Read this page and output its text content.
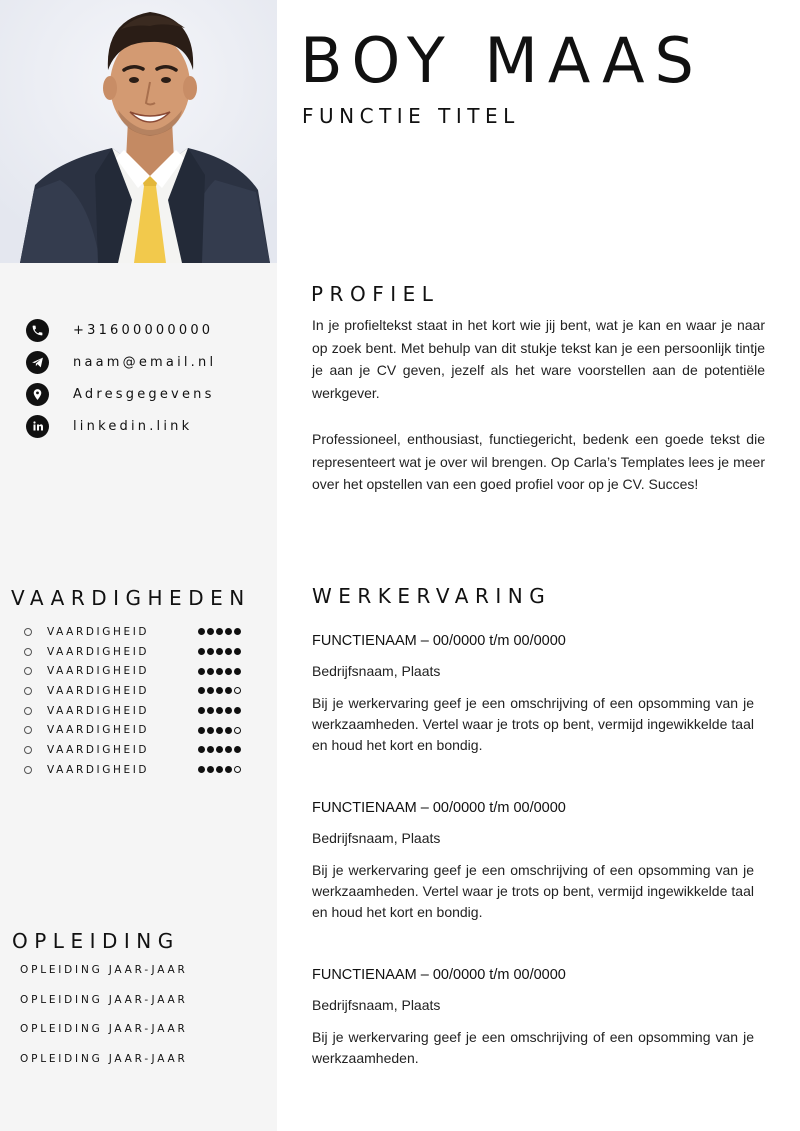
BOY MAAS
FUNCTIE TITEL
+31600000000
naam@email.nl
Adresgegevens
linkedin.link
PROFIEL
In je profieltekst staat in het kort wie jij bent, wat je kan en waar je naar op zoek bent. Met behulp van dit stukje tekst kan je een persoonlijk tintje je aan je CV geven, jezelf als het ware voorstellen aan de potentiële werkgever.
Professioneel, enthousiast, functiegericht, bedenk een goede tekst die representeert wat je over wil brengen. Op Carla’s Templates lees je meer over het opstellen van een goed profiel voor op je CV. Succes!
VAARDIGHEDEN
VAARDIGHEID
VAARDIGHEID
VAARDIGHEID
VAARDIGHEID
VAARDIGHEID
VAARDIGHEID
VAARDIGHEID
VAARDIGHEID
OPLEIDING
OPLEIDING JAAR-JAAR
OPLEIDING JAAR-JAAR
OPLEIDING JAAR-JAAR
OPLEIDING JAAR-JAAR
WERKERVARING
FUNCTIENAAM – 00/0000 t/m 00/0000
Bedrijfsnaam, Plaats
Bij je werkervaring geef je een omschrijving of een opsomming van je werkzaamheden. Vertel waar je trots op bent, vermijd ingewikkelde taal en houd het kort en bondig.
FUNCTIENAAM – 00/0000 t/m 00/0000
Bedrijfsnaam, Plaats
Bij je werkervaring geef je een omschrijving of een opsomming van je werkzaamheden. Vertel waar je trots op bent, vermijd ingewikkelde taal en houd het kort en bondig.
FUNCTIENAAM – 00/0000 t/m 00/0000
Bedrijfsnaam, Plaats
Bij je werkervaring geef je een omschrijving of een opsomming van je werkzaamheden.
